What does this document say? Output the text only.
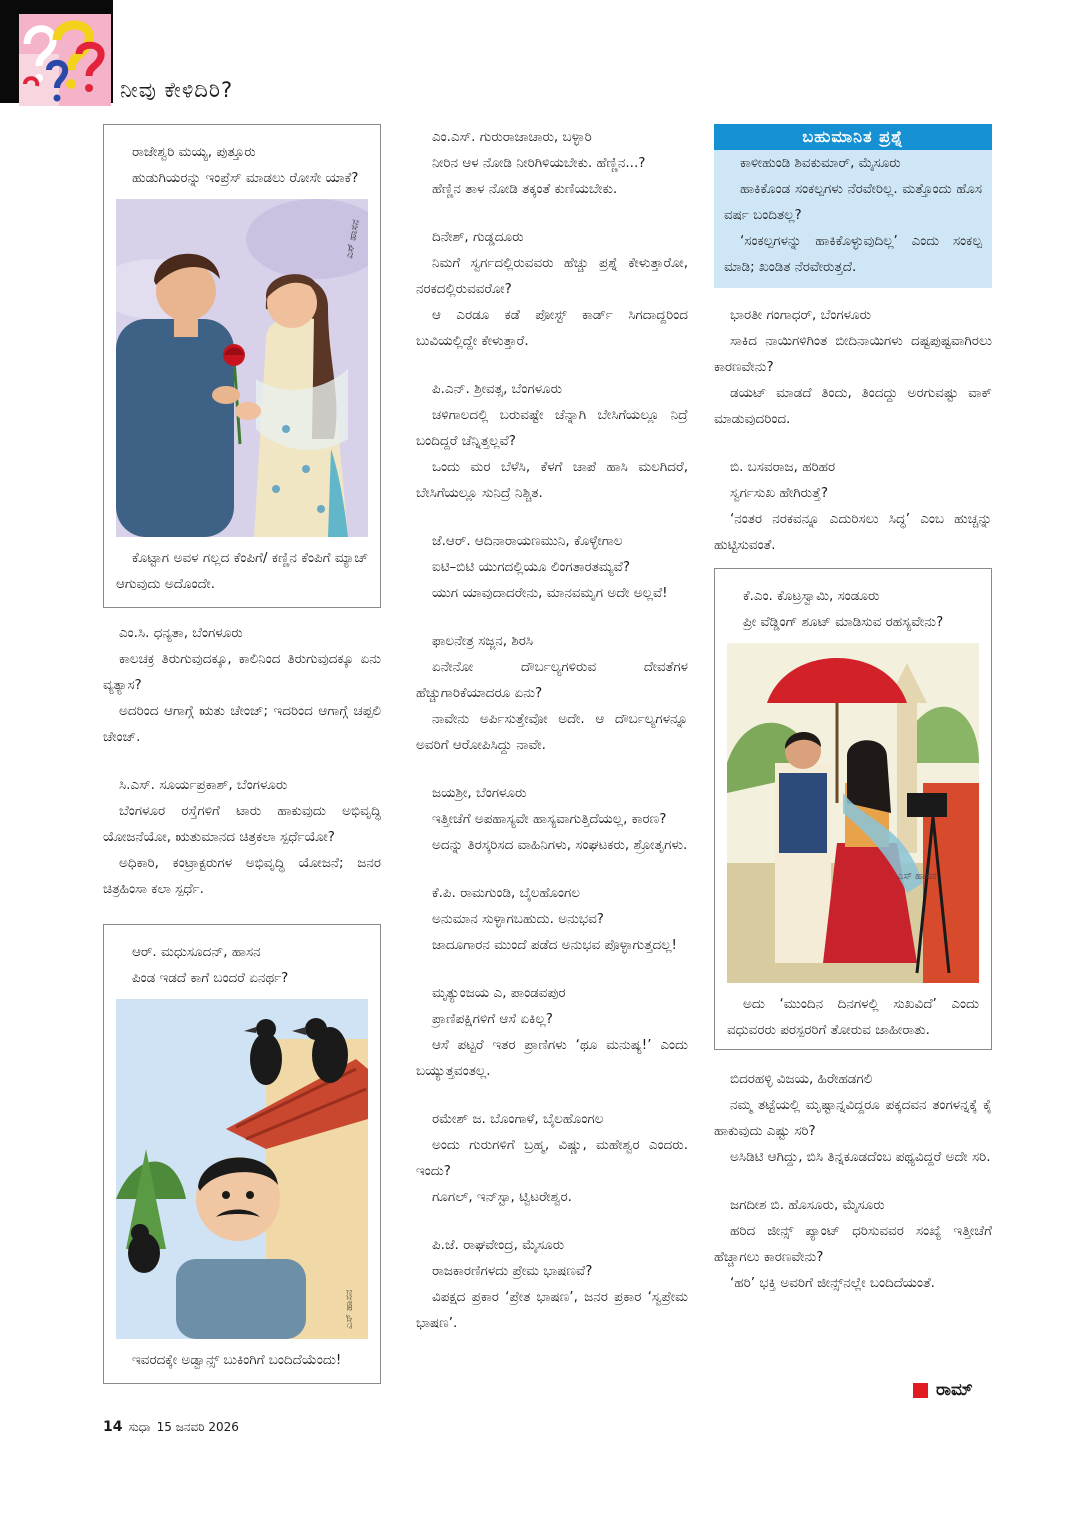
ನೀವು ಕೇಳಿದಿರಿ?

ರಾಜೇಶ್ವರಿ ಮಯ್ಯ, ಪುತ್ತೂರು

ಹುಡುಗಿಯರನ್ನು ಇಂಪ್ರೆಸ್ ಮಾಡಲು ರೋಸೇ ಯಾಕೆ?

ಎಸ್ ಹಾಸನ

ಕೊಟ್ಟಾಗ ಅವಳ ಗಲ್ಲದ ಕೆಂಪಿಗೆ/ ಕಣ್ಣಿನ ಕೆಂಪಿಗೆ ಮ್ಯಾಚ್ ಆಗುವುದು ಅದೊಂದೇ.

ಎಂ.ಸಿ. ಧನ್ಯತಾ, ಬೆಂಗಳೂರು

ಕಾಲಚಕ್ರ ತಿರುಗುವುದಕ್ಕೂ, ಕಾಲಿನಿಂದ ತಿರುಗುವುದಕ್ಕೂ ಏನು ವ್ಯತ್ಯಾಸ?

ಅದರಿಂದ ಆಗಾಗ್ಗೆ ಋತು ಚೇಂಜ್; ಇದರಿಂದ ಆಗಾಗ್ಗೆ ಚಪ್ಪಲಿ ಚೇಂಜ್.

ಸಿ.ಎಸ್. ಸೂರ್ಯಪ್ರಕಾಶ್, ಬೆಂಗಳೂರು

ಬೆಂಗಳೂರ ರಸ್ತೆಗಳಿಗೆ ಟಾರು ಹಾಕುವುದು ಅಭಿವೃದ್ಧಿ ಯೋಜನೆಯೋ, ಋತುಮಾನದ ಚಿತ್ರಕಲಾ ಸ್ಪರ್ಧೆಯೋ?

ಅಧಿಕಾರಿ, ಕಂಟ್ರಾಕ್ಟರುಗಳ ಅಭಿವೃದ್ಧಿ ಯೋಜನೆ; ಜನರ ಚಿತ್ರಹಿಂಸಾ ಕಲಾ ಸ್ಪರ್ಧೆ.

ಆರ್. ಮಧುಸೂದನ್, ಹಾಸನ

ಪಿಂಡ ಇಡದೆ ಕಾಗೆ ಬಂದರೆ ಏನರ್ಥ?

ಎಸ್ ಹಾಸನ

ಇವರದಕ್ಕೇ ಅಡ್ವಾನ್ಸ್ ಬುಕಿಂಗಿಗೆ ಬಂದಿದೆಯೆಂದು!

ಎಂ.ಎಸ್. ಗುರುರಾಜಾಚಾರು, ಬಳ್ಳಾರಿ

ನೀರಿನ ಆಳ ನೋಡಿ ನೀರಿಗಿಳಿಯಬೇಕು. ಹೆಣ್ಣಿನ...?

ಹೆಣ್ಣಿನ ತಾಳ ನೋಡಿ ತಕ್ಕಂತೆ ಕುಣಿಯಬೇಕು.

ದಿನೇಶ್, ಗುಡ್ಡದೂರು

ನಿಮಗೆ ಸ್ವರ್ಗದಲ್ಲಿರುವವರು ಹೆಚ್ಚು ಪ್ರಶ್ನೆ ಕೇಳುತ್ತಾರೋ, ನರಕದಲ್ಲಿರುವವರೋ?

ಆ ಎರಡೂ ಕಡೆ ಪೋಸ್ಟ್ ಕಾರ್ಡ್ ಸಿಗದಾದ್ದರಿಂದ ಬುವಿಯಲ್ಲಿದ್ದೇ ಕೇಳುತ್ತಾರೆ.

ಪಿ.ಎನ್. ಶ್ರೀವತ್ಸ, ಬೆಂಗಳೂರು

ಚಳಿಗಾಲದಲ್ಲಿ ಬರುವಷ್ಟೇ ಚೆನ್ನಾಗಿ ಬೇಸಿಗೆಯಲ್ಲೂ ನಿದ್ರೆ ಬಂದಿದ್ದರೆ ಚೆನ್ನಿತ್ತಲ್ಲವೆ?

ಒಂದು ಮರ ಬೆಳೆಸಿ, ಕೆಳಗೆ ಚಾಪೆ ಹಾಸಿ ಮಲಗಿದರೆ, ಬೇಸಿಗೆಯಲ್ಲೂ ಸುನಿದ್ರೆ ನಿಶ್ಚಿತ.

ಜೆ.ಆರ್. ಆದಿನಾರಾಯಣಮುನಿ, ಕೊಳ್ಳೇಗಾಲ

ಐಟಿ–ಬಿಟಿ ಯುಗದಲ್ಲಿಯೂ ಲಿಂಗತಾರತಮ್ಯವೆ?

ಯುಗ ಯಾವುದಾದರೇನು, ಮಾನವಮೃಗ ಅದೇ ಅಲ್ಲವೆ!

ಫಾಲನೇತ್ರ ಸಜ್ಜನ, ಶಿರಸಿ

ಏನೇನೋ ದೌರ್ಬಲ್ಯಗಳಿರುವ ದೇವತೆಗಳ ಹೆಚ್ಚುಗಾರಿಕೆಯಾದರೂ ಏನು?

ನಾವೇನು ಅರ್ಪಿಸುತ್ತೇವೋ ಅದೇ. ಆ ದೌರ್ಬಲ್ಯಗಳನ್ನೂ ಅವರಿಗೆ ಆರೋಪಿಸಿದ್ದು ನಾವೇ.

ಜಯಶ್ರೀ, ಬೆಂಗಳೂರು

ಇತ್ತೀಚೆಗೆ ಅಪಹಾಸ್ಯವೇ ಹಾಸ್ಯವಾಗುತ್ತಿದೆಯಲ್ಲ, ಕಾರಣ?

ಅದನ್ನು ತಿರಸ್ಕರಿಸದ ವಾಹಿನಿಗಳು, ಸಂಘಟಕರು, ಶ್ರೋತೃಗಳು.

ಕೆ.ಪಿ. ರಾಮಗುಂಡಿ, ಬೈಲಹೊಂಗಲ

ಅನುಮಾನ ಸುಳ್ಳಾಗಬಹುದು. ಅನುಭವ?

ಜಾದೂಗಾರನ ಮುಂದೆ ಪಡೆದ ಅನುಭವ ಪೊಳ್ಳಾಗುತ್ತದಲ್ಲ!

ಮೃತ್ಯುಂಜಯ ಎ, ಪಾಂಡವಪುರ

ಪ್ರಾಣಿಪಕ್ಷಿಗಳಿಗೆ ಆಸೆ ಏಕಿಲ್ಲ?

ಆಸೆ ಪಟ್ಟರೆ ಇತರ ಪ್ರಾಣಿಗಳು ‘ಥೂ ಮನುಷ್ಯ!’ ಎಂದು ಬಯ್ಯುತ್ತವಂತಲ್ಲ.

ರಮೇಶ್ ಜ. ಬೊಂಗಾಳೆ, ಬೈಲಹೊಂಗಲ

ಅಂದು ಗುರುಗಳಿಗೆ ಬ್ರಹ್ಮ, ವಿಷ್ಣು, ಮಹೇಶ್ವರ ಎಂದರು. ಇಂದು?

ಗೂಗಲ್, ಇನ್‌ಸ್ಟಾ, ಟ್ವಿಟರೇಶ್ವರ.

ಪಿ.ಜೆ. ರಾಘವೇಂದ್ರ, ಮೈಸೂರು

ರಾಜಕಾರಣಿಗಳದು ಪ್ರೇಮ ಭಾಷಣವೆ?

ವಿಪಕ್ಷದ ಪ್ರಕಾರ ‘ಪ್ರೇತ ಭಾಷಣ’, ಜನರ ಪ್ರಕಾರ ‘ಸ್ವಪ್ರೇಮ ಭಾಷಣ’.

ಬಹುಮಾನಿತ ಪ್ರಶ್ನೆ

ಕಾಳೀಹುಂಡಿ ಶಿವಕುಮಾರ್, ಮೈಸೂರು

ಹಾಕಿಕೊಂಡ ಸಂಕಲ್ಪಗಳು ನೆರವೇರಿಲ್ಲ. ಮತ್ತೊಂದು ಹೊಸ ವರ್ಷ ಬಂದಿತಲ್ಲ?

‘ಸಂಕಲ್ಪಗಳನ್ನು ಹಾಕಿಕೊಳ್ಳುವುದಿಲ್ಲ’ ಎಂದು ಸಂಕಲ್ಪ ಮಾಡಿ; ಖಂಡಿತ ನೆರವೇರುತ್ತದೆ.

ಭಾರತೀ ಗಂಗಾಧರ್, ಬೆಂಗಳೂರು

ಸಾಕಿದ ನಾಯಿಗಳಿಗಿಂತ ಬೀದಿನಾಯಿಗಳು ದಷ್ಟಪುಷ್ಟವಾಗಿರಲು ಕಾರಣವೇನು?

ಡಯಟ್ ಮಾಡದೆ ತಿಂದು, ತಿಂದದ್ದು ಅರಗುವಷ್ಟು ವಾಕ್ ಮಾಡುವುದರಿಂದ.

ಬಿ. ಬಸವರಾಜ, ಹರಿಹರ

ಸ್ವರ್ಗಸುಖ ಹೇಗಿರುತ್ತೆ?

‘ನಂತರ ನರಕವನ್ನೂ ಎದುರಿಸಲು ಸಿದ್ಧ’ ಎಂಬ ಹುಚ್ಚನ್ನು ಹುಟ್ಟಿಸುವಂತೆ.

ಕೆ.ಎಂ. ಕೊಟ್ರಸ್ವಾಮಿ, ಸಂಡೂರು

ಪ್ರೀ ವೆಡ್ಡಿಂಗ್ ಶೂಟ್ ಮಾಡಿಸುವ ರಹಸ್ಯವೇನು?

ಎಸ್ ಹಾಸನ

ಅದು ‘ಮುಂದಿನ ದಿನಗಳಲ್ಲಿ ಸುಖವಿದೆ’ ಎಂದು ವಧುವರರು ಪರಸ್ಪರರಿಗೆ ತೋರುವ ಜಾಹೀರಾತು.

ಬಿದರಹಳ್ಳಿ ವಿಜಯ, ಹಿರೇಹಡಗಲಿ

ನಮ್ಮ ತಟ್ಟೆಯಲ್ಲಿ ಮೃಷ್ಟಾನ್ನವಿದ್ದರೂ ಪಕ್ಕದವನ ತಂಗಳನ್ನಕ್ಕೆ ಕೈ ಹಾಕುವುದು ಎಷ್ಟು ಸರಿ?

ಅಸಿಡಿಟಿ ಆಗಿದ್ದು, ಬಿಸಿ ತಿನ್ನಕೂಡದೆಂಬ ಪಥ್ಯವಿದ್ದರೆ ಅದೇ ಸರಿ.

ಜಗದೀಶ ಬಿ. ಹೊಸೂರು, ಮೈಸೂರು

ಹರಿದ ಜೀನ್ಸ್ ಪ್ಯಾಂಟ್ ಧರಿಸುವವರ ಸಂಖ್ಯೆ ಇತ್ತೀಚೆಗೆ ಹೆಚ್ಚಾಗಲು ಕಾರಣವೇನು?

‘ಹರಿ’ ಭಕ್ತಿ ಅವರಿಗೆ ಜೀನ್ಸ್‌ನಲ್ಲೇ ಬಂದಿದೆಯಂತೆ.

ರಾಮ್
14 ಸುಧಾ 15 ಜನವರಿ 2026
